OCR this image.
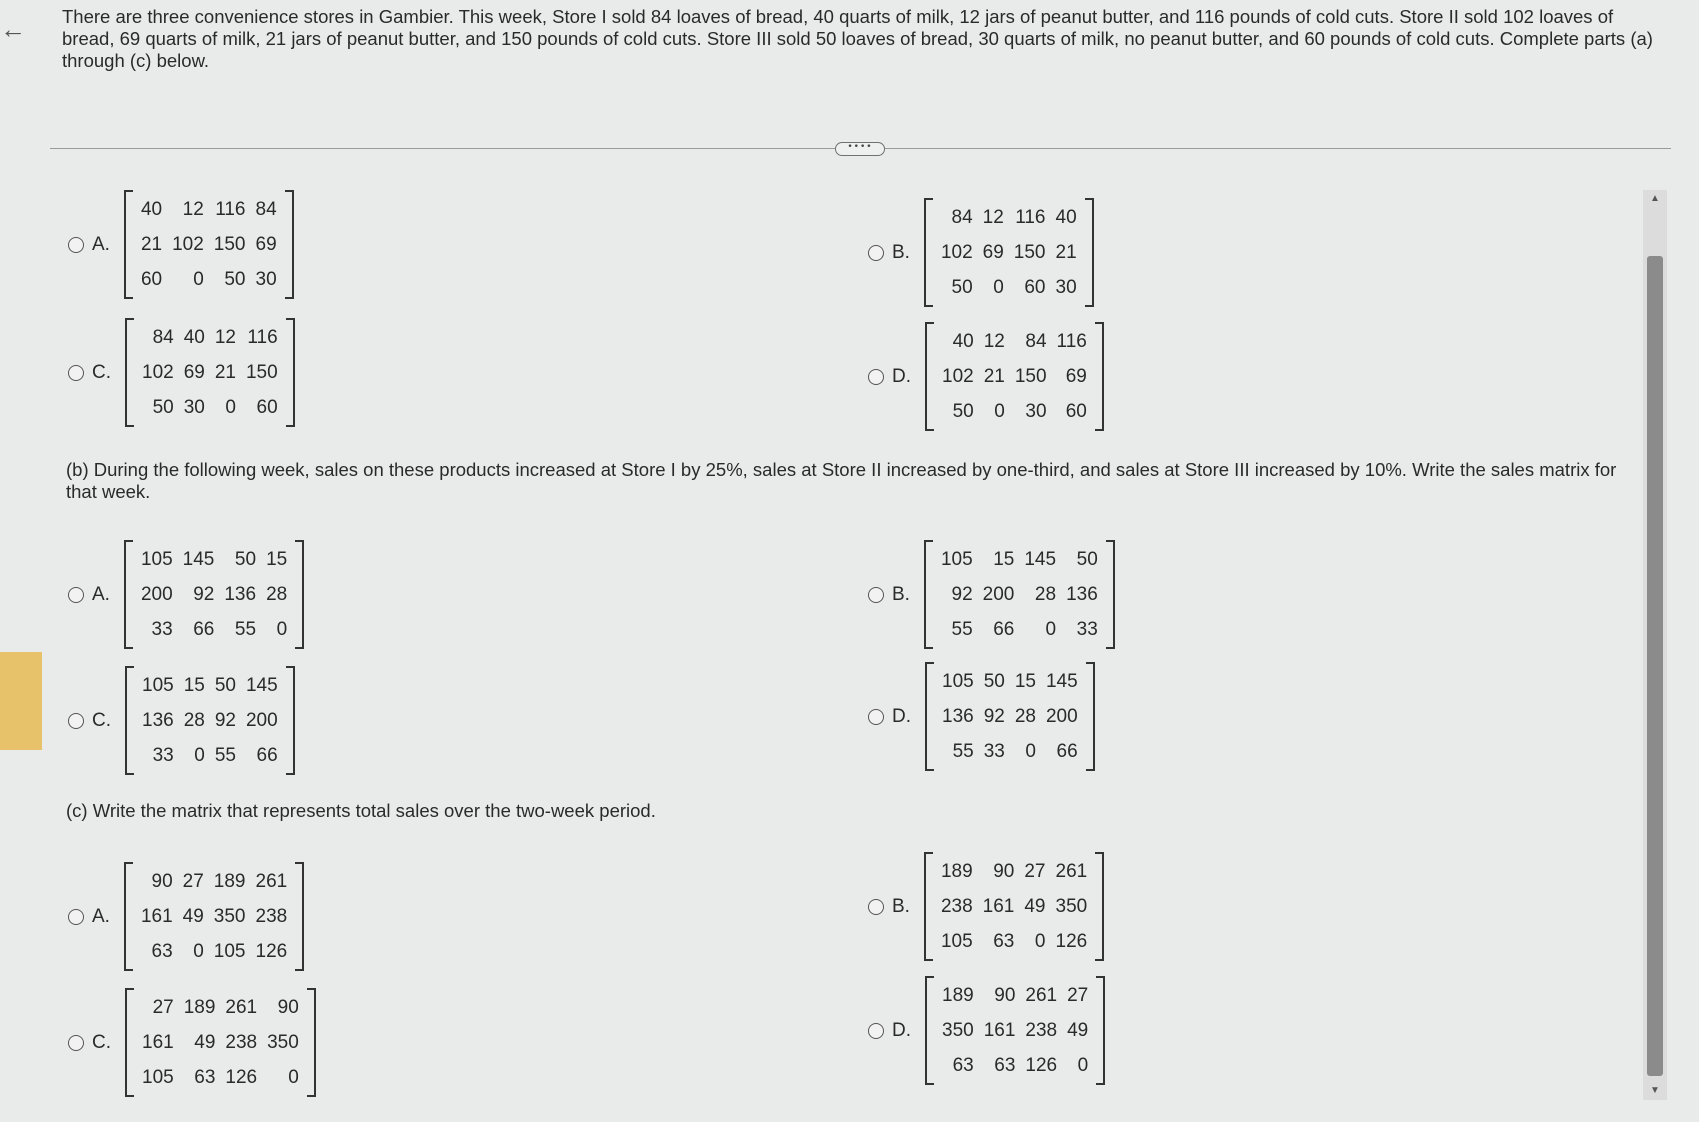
← There are three convenience stores in Gambier. This week, Store I sold 84 loaves of bread, 40 quarts of milk, 12 jars of peanut butter, and 116 pounds of cold cuts. Store II sold 102 loaves of bread, 69 quarts of milk, 21 jars of peanut butter, and 150 pounds of cold cuts. Store III sold 50 loaves of bread, 30 quarts of milk, no peanut butter, and 60 pounds of cold cuts. Complete parts (a) through (c) below.
••••
A.
40	12	116	84
21	102	150	69
60	0	50	30
B.
84	12	116	40
102	69	150	21
50	0	60	30
C.
84	40	12	116
102	69	21	150
50	30	0	60
D.
40	12	84	116
102	21	150	69
50	0	30	60
(b) During the following week, sales on these products increased at Store I by 25%, sales at Store II increased by one-third, and sales at Store III increased by 10%. Write the sales matrix for that week.
A.
105	145	50	15
200	92	136	28
33	66	55	0
B.
105	15	145	50
92	200	28	136
55	66	0	33
C.
105	15	50	145
136	28	92	200
33	0	55	66
D.
105	50	15	145
136	92	28	200
55	33	0	66
(c) Write the matrix that represents total sales over the two-week period.
A.
90	27	189	261
161	49	350	238
63	0	105	126
B.
189	90	27	261
238	161	49	350
105	63	0	126
C.
27	189	261	90
161	49	238	350
105	63	126	0
D.
189	90	261	27
350	161	238	49
63	63	126	0
▲
▼
